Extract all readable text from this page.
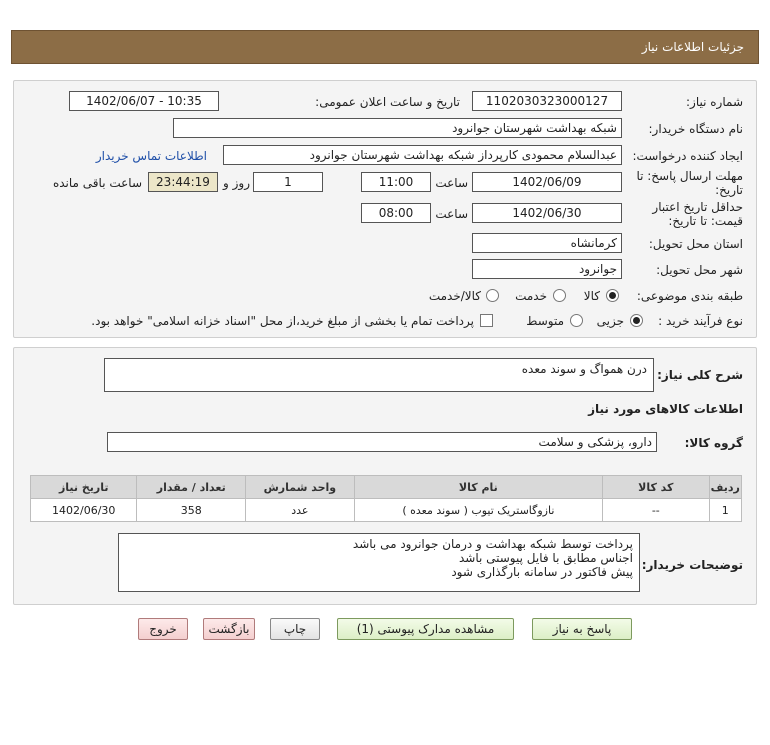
جزئیات اطلاعات نیاز
شماره نیاز:
1102030323000127
تاریخ و ساعت اعلان عمومی:
1402/06/07 - 10:35
نام دستگاه خریدار:
شبکه بهداشت شهرستان جوانرود
ایجاد کننده درخواست:
عبدالسلام محمودی کارپرداز شبکه بهداشت شهرستان جوانرود
اطلاعات تماس خریدار
مهلت ارسال پاسخ: تا
تاریخ:
1402/06/09
ساعت
11:00
1
روز و
23:44:19
ساعت باقی مانده
حداقل تاریخ اعتبار
قیمت: تا تاریخ:
1402/06/30
ساعت
08:00
استان محل تحویل:
کرمانشاه
شهر محل تحویل:
جوانرود
طبقه بندی موضوعی:
کالا
خدمت
کالا/خدمت
نوع فرآیند خرید :
جزیی
متوسط
پرداخت تمام یا بخشی از مبلغ خرید،از محل "اسناد خزانه اسلامی" خواهد بود.
شرح کلی نیاز:
درن همواگ و سوند معده
اطلاعات کالاهای مورد نیاز
گروه کالا:
دارو، پزشکی و سلامت
ردیف	کد کالا	نام کالا	واحد شمارش	تعداد / مقدار	تاریخ نیاز
1	--	نازوگاستریک تیوب ( سوند معده )	عدد	358	1402/06/30
توضیحات خریدار:
پرداخت توسط شبکه بهداشت و درمان جوانرود می باشد
اجناس مطابق با فایل پیوستی باشد
پیش فاکتور در سامانه بارگذاری شود
پاسخ به نیاز
مشاهده مدارک پیوستی (1)
چاپ
بازگشت
خروج
